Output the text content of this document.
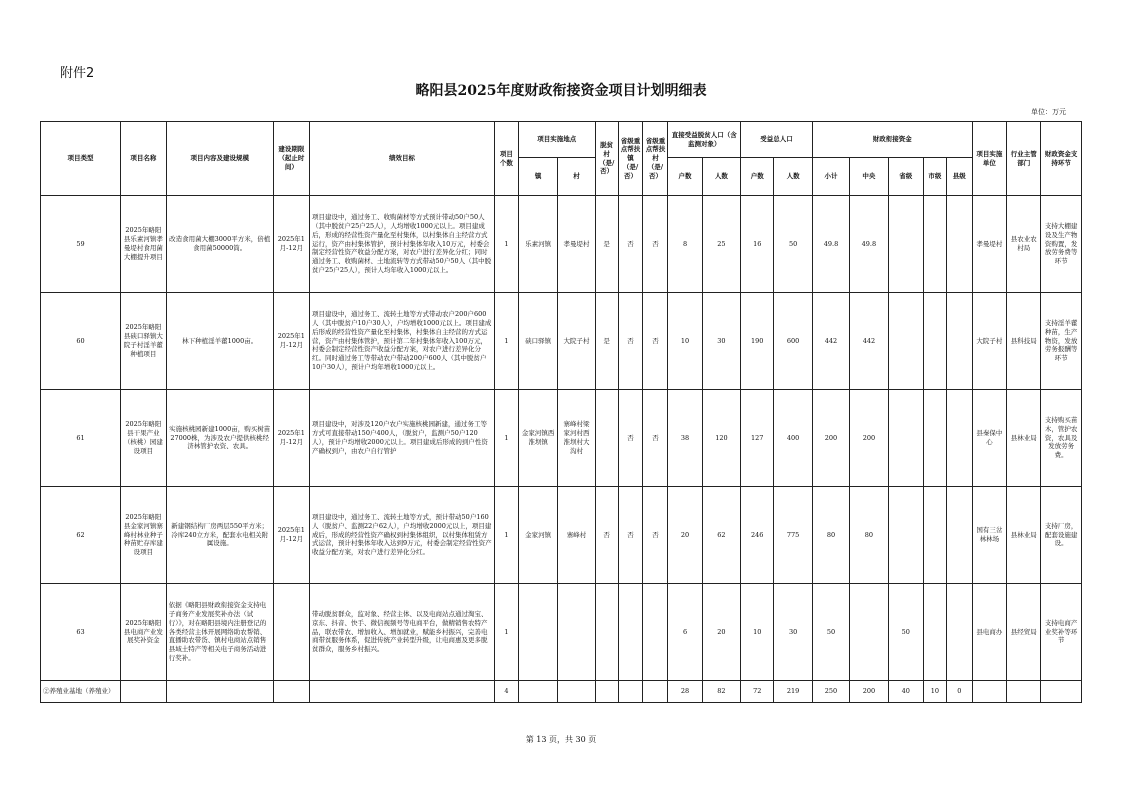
附件2
略阳县2025年度财政衔接资金项目计划明细表
单位：万元
项目类型	项目名称	项目内容及建设规模	建设期限（起止时间）	绩效目标	项目个数	项目实施地点		脱贫村（是/否）	省级重点帮扶镇（是/否）	省级重点帮扶村（是/否）	直接受益脱贫人口（含监测对象）		受益总人口		财政衔接资金					项目实施单位	行业主管部门	财政资金支持环节
						镇	村				户数	人数	户数	人数	小计	中央	省级	市级	县级			
59	2025年略阳县乐素河镇孝曼堤村食用菌大棚提升项目	改造食用菌大棚3000平方米，倍植食用菌50000筒。	2025年1月-12月	项目建设中，通过务工、收购菌材等方式预计带动50户50人（其中脱贫户25户25人），人均增收1000元以上。项目建成后，形成的经营性资产量化至村集体，以村集体自主经营方式运行，资产由村集体管护，预计村集体年收入10万元，村委会制定经营性资产收益分配方案，对农户进行差异化分红；同时通过务工、收购菌材、土地流转等方式带动50户50人（其中脱贫户25户25人），预计人均年收入1000元以上。	1	乐素河镇	孝曼堤村	是	否	否	8	25	16	50	49.8	49.8				孝曼堤村	县农业农村局	支持大棚建设及生产物资购置，发放劳务费等环节
60	2025年略阳县硖口驿镇大院子村淫羊藿种植项目	林下种植淫羊藿1000亩。	2025年1月-12月	项目建设中，通过务工、流转土地等方式带动农户200户600人（其中脱贫户10户30人），户均增收1000元以上。项目建成后形成的经营性资产量化至村集体，村集体自主经营的方式运营，资产由村集体管护，预计第二年村集体年收入100万元，村委会制定经营性资产收益分配方案，对农户进行差异化分红。同时通过务工等带动农户带动200户600人（其中脱贫户10户30人），预计户均年增收1000元以上。	1	硖口驿镇	大院子村	是	否	否	10	30	190	600	442	442				大院子村	县科技局	支持淫羊藿种苗，生产物资，发放劳务报酬等环节
61	2025年略阳县干果产业（核桃）园建设项目	实施核桃园新建1000亩，购买树苗27000株，为涉及农户提供核桃经济林管护农资、农具。	2025年1月-12月	项目建设中，对涉及120户农户实施核桃园新建，通过务工等方式可直接带动150户400人，（脱贫户，监测户50户120人），预计户均增收2000元以上。项目建成后形成的到户性资产确权到户，由农户自行管护	1	金家河镇西淮坝镇	寨峰村梁家河村西淮坝村大沟村		否	否	38	120	127	400	200	200				县秦保中心	县林业局	支持购买苗木，管护农资，农具及发放劳务费。
62	2025年略阳县金家河镇寨峰村林业种子种苗贮存库建设项目	新建钢结构厂房两层550平方米；冷库240立方米，配套水电相关附属设施。	2025年1月-12月	项目建设中，通过务工、流转土地等方式，预计带动50户160人（脱贫户、监测22户62人），户均增收2000元以上，项目建成后，形成的经营性资产确权到村集体组织，以村集体租赁方式运营，预计村集体年收入达到9万元，村委会制定经营性资产收益分配方案，对农户进行差异化分红。	1	金家河镇	寨峰村	否	否	否	20	62	246	775	80	80				国有三岔林林场	县林业局	支持厂房，配套设施建设。
63	2025年略阳县电商产业发展奖补资金	依据《略阳县财政衔接资金支持电子商务产业发展奖补办法（试行）》，对在略阳县境内注册登记的各类经营主体开展网络助农帮销、直播助农带货、镇村电商站点销售县域土特产等相关电子商务活动进行奖补。		带动脱贫群众，监对象、经营主体、以及电商站点通过淘宝、京东、抖音、快手、微信视频号等电商平台，做精销售农特产品，联农带农、增加收入、增加就业，赋能乡村振兴，完善电商带贫服务体系，促进传统产业转型升级，让电商惠及更多脱贫群众，服务乡村振兴。	1						6	20	10	30	50		50			县电商办	县经贸局	支持电商产业奖补等环节
②养殖业基地（养殖业）					4						28	82	72	219	250	200	40	10	0			
第 13 页，共 30 页
